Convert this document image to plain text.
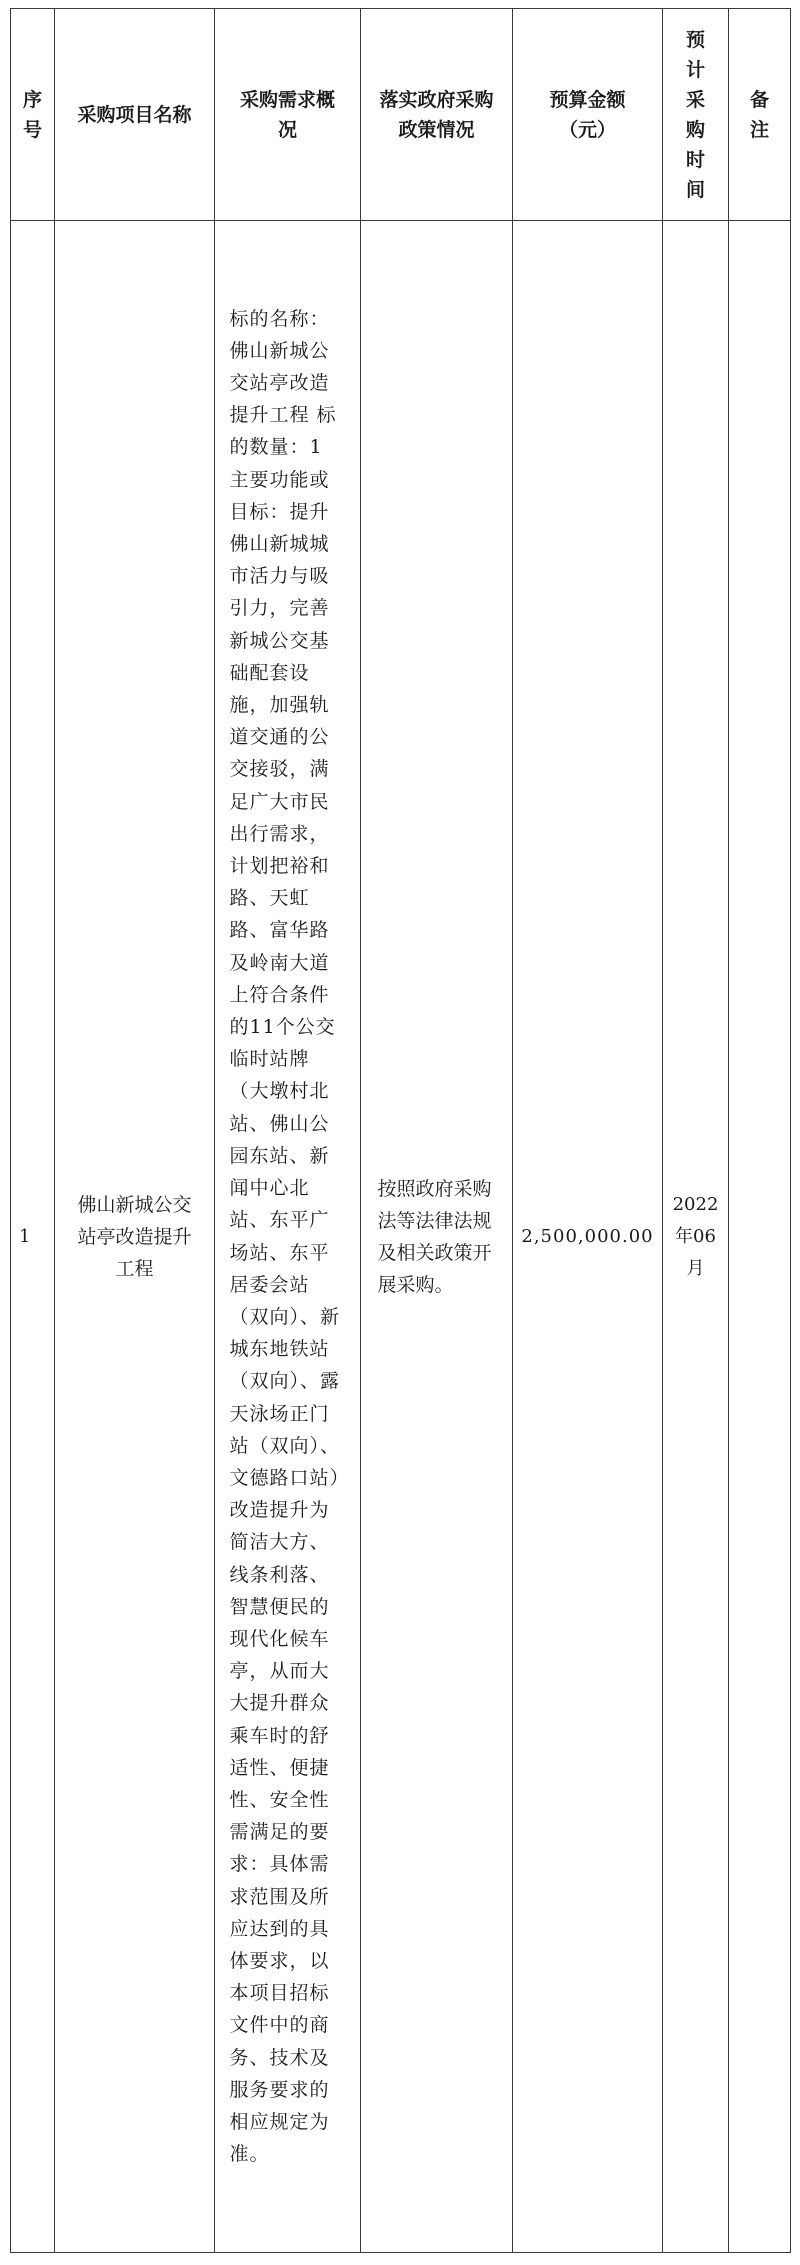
序号	采购项目名称	采购需求概况	落实政府采购政策情况	预算金额（元）	预计采购时间	备注

1	佛山新城公交站亭改造提升工程	标的名称：佛山新城公交站亭改造提升工程 标的数量：1 主要功能或目标：提升佛山新城城市活力与吸引力，完善新城公交基础配套设施，加强轨道交通的公交接驳，满足广大市民出行需求，计划把裕和路、天虹路、富华路及岭南大道上符合条件的11个公交临时站牌（大墩村北站、佛山公园东站、新闻中心北站、东平广场站、东平居委会站（双向）、新城东地铁站（双向）、露天泳场正门站（双向）、文德路口站）改造提升为简洁大方、线条利落、智慧便民的现代化候车亭，从而大大提升群众乘车时的舒适性、便捷性、安全性 需满足的要求：具体需求范围及所应达到的具体要求，以本项目招标文件中的商务、技术及服务要求的相应规定为准。	按照政府采购法等法律法规及相关政策开展采购。	2,500,000.00	2022年06月	
